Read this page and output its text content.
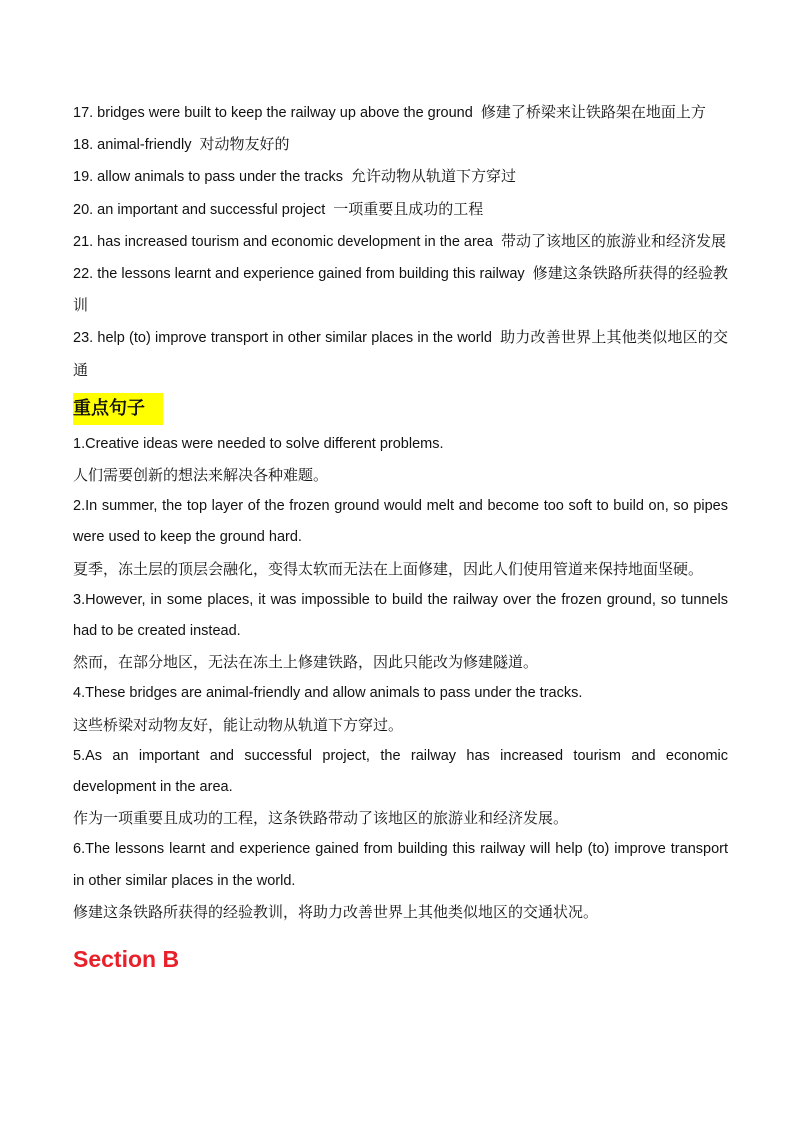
17. bridges were built to keep the railway up above the ground 修建了桥梁来让铁路架在地面上方

18. animal-friendly 对动物友好的

19. allow animals to pass under the tracks 允许动物从轨道下方穿过

20. an important and successful project 一项重要且成功的工程

21. has increased tourism and economic development in the area 带动了该地区的旅游业和经济发展

22. the lessons learnt and experience gained from building this railway 修建这条铁路所获得的经验教训

23. help (to) improve transport in other similar places in the world 助力改善世界上其他类似地区的交通

重点句子

1.Creative ideas were needed to solve different problems.

人们需要创新的想法来解决各种难题。

2.In summer, the top layer of the frozen ground would melt and become too soft to build on, so pipes were used to keep the ground hard.

夏季，冻土层的顶层会融化，变得太软而无法在上面修建，因此人们使用管道来保持地面坚硬。

3.However, in some places, it was impossible to build the railway over the frozen ground, so tunnels had to be created instead.

然而，在部分地区，无法在冻土上修建铁路，因此只能改为修建隧道。

4.These bridges are animal-friendly and allow animals to pass under the tracks.

这些桥梁对动物友好，能让动物从轨道下方穿过。

5.As an important and successful project, the railway has increased tourism and economic development in the area.

作为一项重要且成功的工程，这条铁路带动了该地区的旅游业和经济发展。

6.The lessons learnt and experience gained from building this railway will help (to) improve transport in other similar places in the world.

修建这条铁路所获得的经验教训，将助力改善世界上其他类似地区的交通状况。

Section B
